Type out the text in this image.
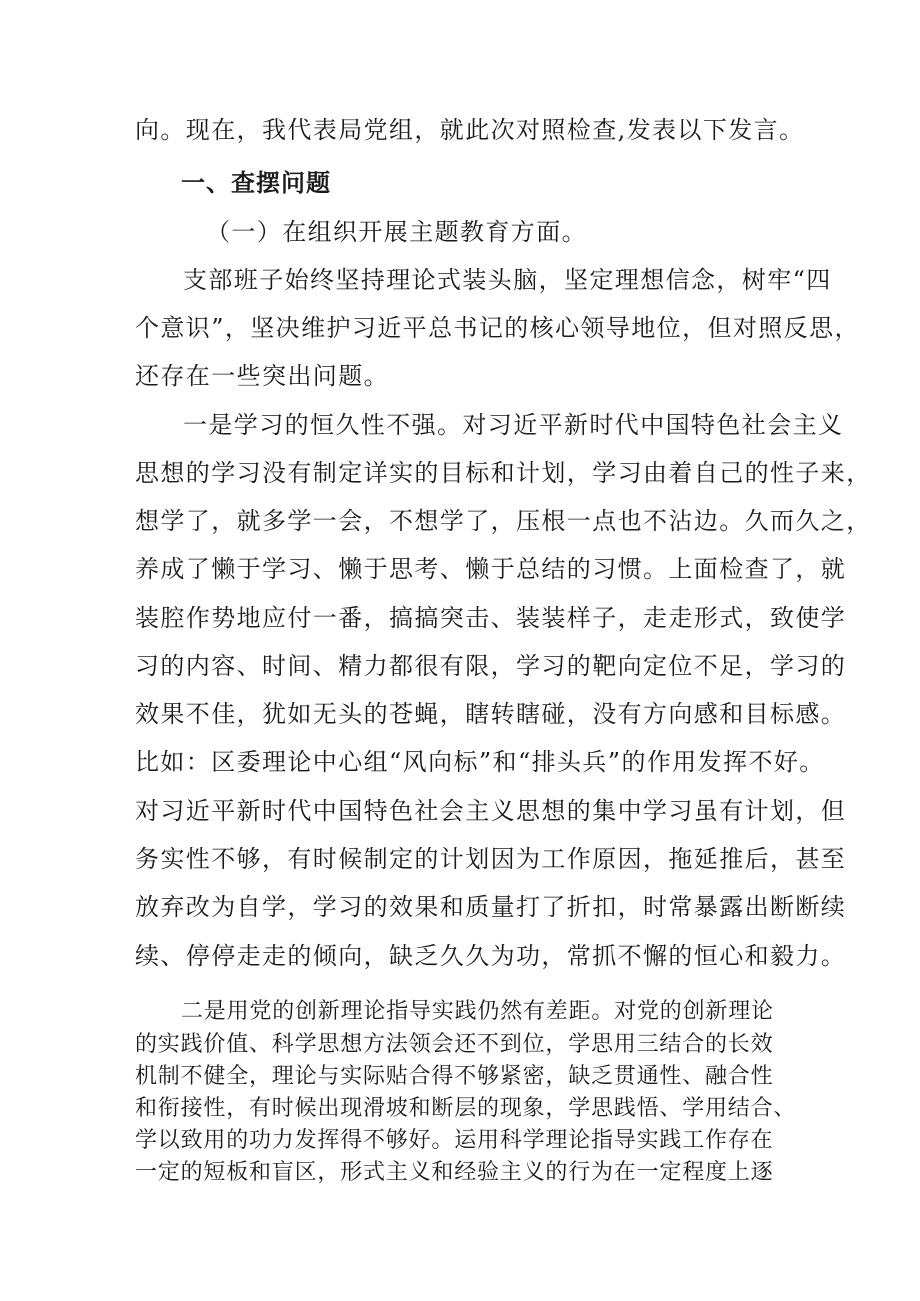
向。现在，我代表局党组，就此次对照检查,发表以下发言。
一、查摆问题
（一）在组织开展主题教育方面。
支部班子始终坚持理论式装头脑，坚定理想信念，树牢“四
个意识”，坚决维护习近平总书记的核心领导地位，但对照反思，
还存在一些突出问题。
一是学习的恒久性不强。对习近平新时代中国特色社会主义
思想的学习没有制定详实的目标和计划，学习由着自己的性子来，
想学了，就多学一会，不想学了，压根一点也不沾边。久而久之，
养成了懒于学习、懒于思考、懒于总结的习惯。上面检查了，就
装腔作势地应付一番，搞搞突击、装装样子，走走形式，致使学
习的内容、时间、精力都很有限，学习的靶向定位不足，学习的
效果不佳，犹如无头的苍蝇，瞎转瞎碰，没有方向感和目标感。
比如：区委理论中心组“风向标”和“排头兵”的作用发挥不好。
对习近平新时代中国特色社会主义思想的集中学习虽有计划，但
务实性不够，有时候制定的计划因为工作原因，拖延推后，甚至
放弃改为自学，学习的效果和质量打了折扣，时常暴露出断断续
续、停停走走的倾向，缺乏久久为功，常抓不懈的恒心和毅力。
二是用党的创新理论指导实践仍然有差距。对党的创新理论
的实践价值、科学思想方法领会还不到位，学思用三结合的长效
机制不健全，理论与实际贴合得不够紧密，缺乏贯通性、融合性
和衔接性，有时候出现滑坡和断层的现象，学思践悟、学用结合、
学以致用的功力发挥得不够好。运用科学理论指导实践工作存在
一定的短板和盲区，形式主义和经验主义的行为在一定程度上逐
